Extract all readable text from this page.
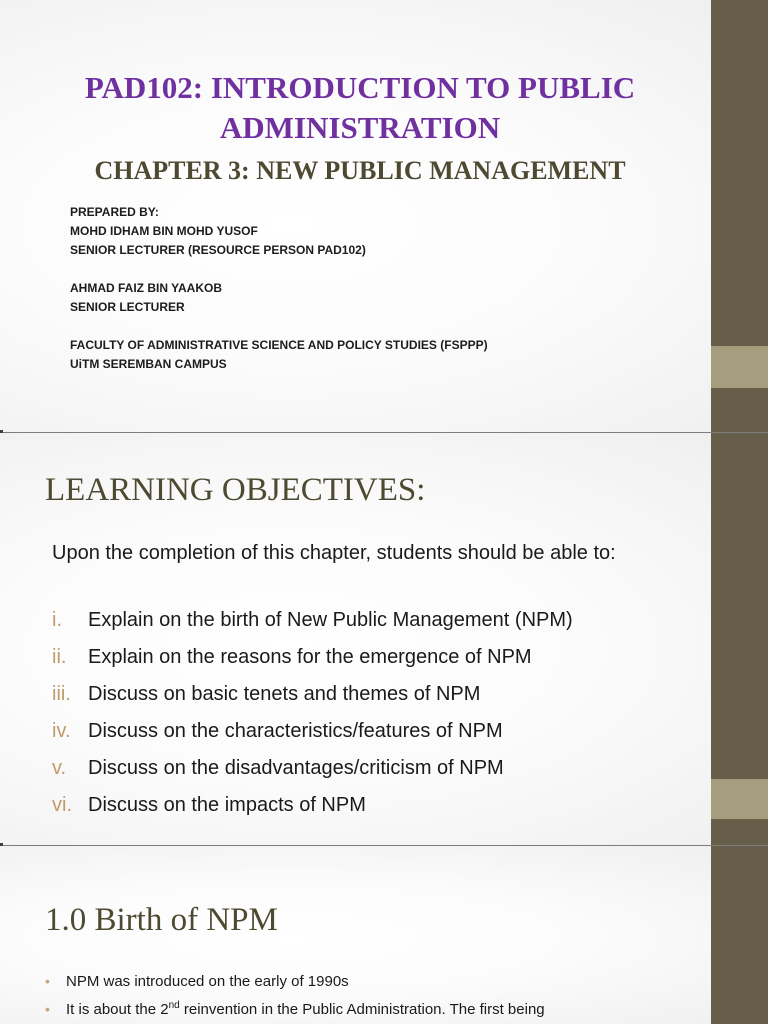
PAD102: INTRODUCTION TO PUBLIC
ADMINISTRATION
CHAPTER 3: NEW PUBLIC MANAGEMENT
PREPARED BY:
MOHD IDHAM BIN MOHD YUSOF
SENIOR LECTURER (RESOURCE PERSON PAD102)
AHMAD FAIZ BIN YAAKOB
SENIOR LECTURER
FACULTY OF ADMINISTRATIVE SCIENCE AND POLICY STUDIES (FSPPP)
UiTM SEREMBAN CAMPUS
LEARNING OBJECTIVES:

Upon the completion of this chapter, students should be able to:

i. Explain on the birth of New Public Management (NPM)
ii. Explain on the reasons for the emergence of NPM
iii. Discuss on basic tenets and themes of NPM
iv. Discuss on the characteristics/features of NPM
v. Discuss on the disadvantages/criticism of NPM
vi. Discuss on the impacts of NPM
1.0 Birth of NPM
• NPM was introduced on the early of 1990s
• It is about the 2nd reinvention in the Public Administration. The first being
